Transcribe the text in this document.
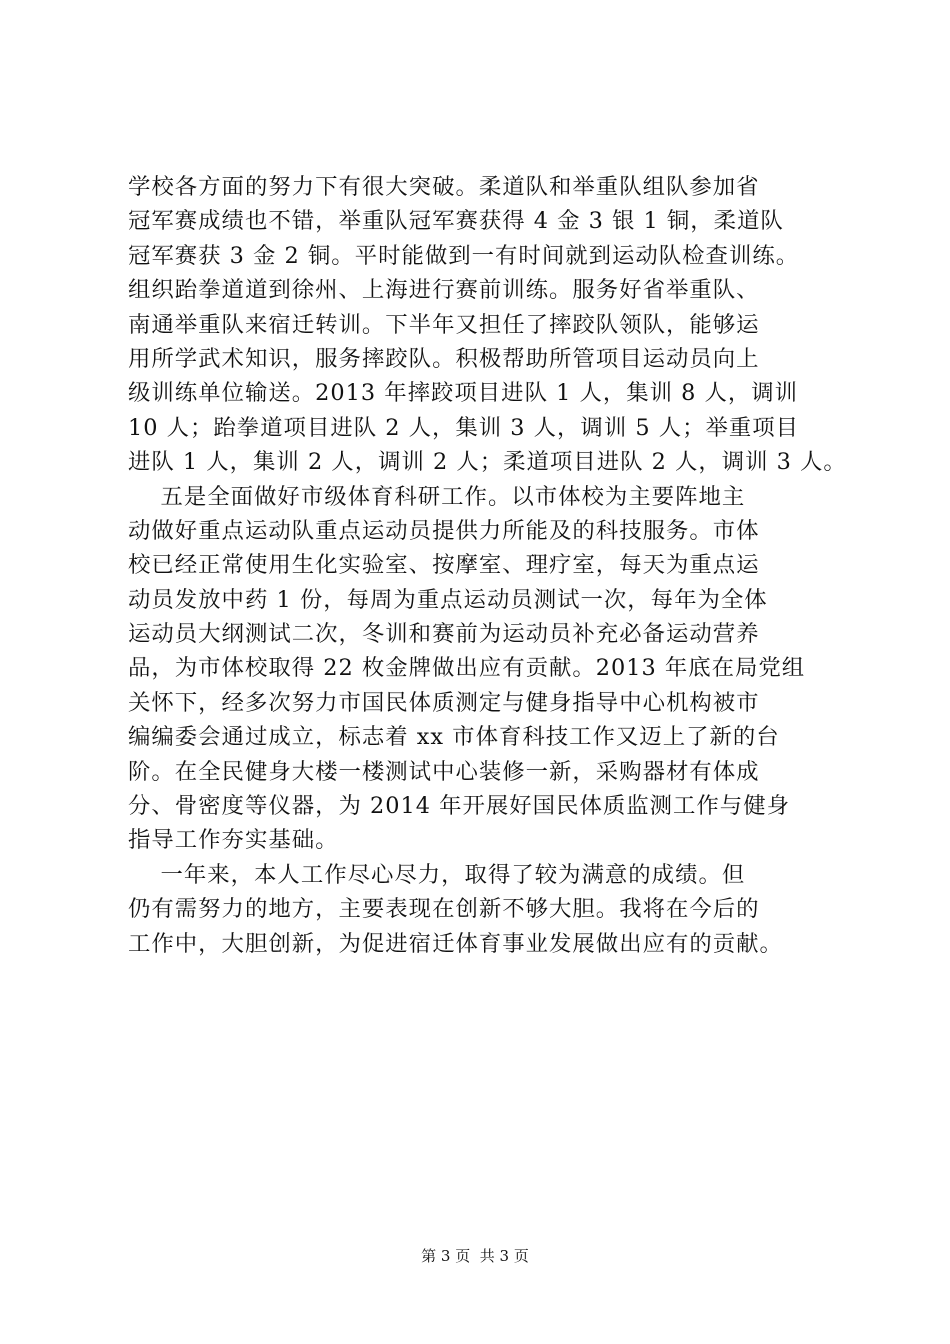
学校各方面的努力下有很大突破。柔道队和举重队组队参加省
冠军赛成绩也不错，举重队冠军赛获得 4 金 3 银 1 铜，柔道队
冠军赛获 3 金 2 铜。平时能做到一有时间就到运动队检查训练。
组织跆拳道道到徐州、上海进行赛前训练。服务好省举重队、
南通举重队来宿迁转训。下半年又担任了摔跤队领队，能够运
用所学武术知识，服务摔跤队。积极帮助所管项目运动员向上
级训练单位输送。2013 年摔跤项目进队 1 人，集训 8 人，调训
10 人；跆拳道项目进队 2 人，集训 3 人，调训 5 人；举重项目
进队 1 人，集训 2 人，调训 2 人；柔道项目进队 2 人，调训 3 人。
五是全面做好市级体育科研工作。以市体校为主要阵地主
动做好重点运动队重点运动员提供力所能及的科技服务。市体
校已经正常使用生化实验室、按摩室、理疗室，每天为重点运
动员发放中药 1 份，每周为重点运动员测试一次，每年为全体
运动员大纲测试二次，冬训和赛前为运动员补充必备运动营养
品，为市体校取得 22 枚金牌做出应有贡献。2013 年底在局党组
关怀下，经多次努力市国民体质测定与健身指导中心机构被市
编编委会通过成立，标志着 xx 市体育科技工作又迈上了新的台
阶。在全民健身大楼一楼测试中心装修一新，采购器材有体成
分、骨密度等仪器，为 2014 年开展好国民体质监测工作与健身
指导工作夯实基础。
一年来，本人工作尽心尽力，取得了较为满意的成绩。但
仍有需努力的地方，主要表现在创新不够大胆。我将在今后的
工作中，大胆创新，为促进宿迁体育事业发展做出应有的贡献。
第 3 页  共 3 页
